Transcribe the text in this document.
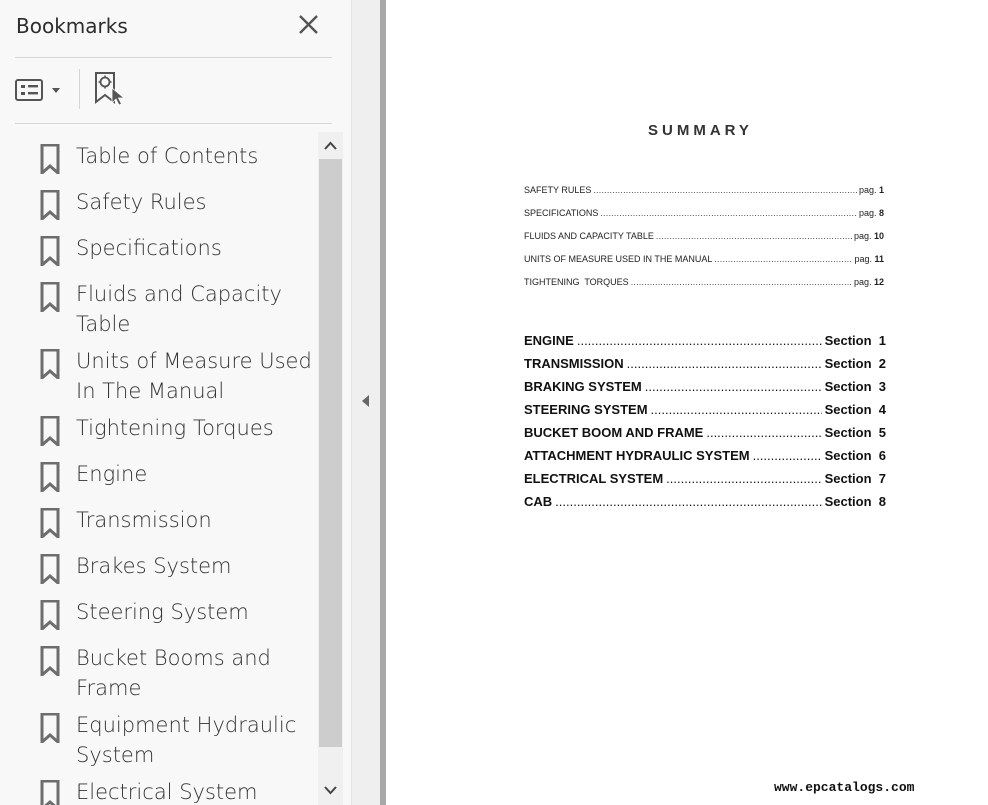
Bookmarks
Table of Contents
Safety Rules
Specifications
Fluids and Capacity Table
Units of Measure Used In The Manual
Tightening Torques
Engine
Transmission
Brakes System
Steering System
Bucket Booms and Frame
Equipment Hydraulic System
Electrical System
SUMMARY
SAFETY RULES .....	pag. 1
SPECIFICATIONS .....	pag. 8
FLUIDS AND CAPACITY TABLE .....	pag. 10
UNITS OF MEASURE USED IN THE MANUAL .....	pag. 11
TIGHTENING  TORQUES .....	pag. 12
ENGINE .....	Section  1
TRANSMISSION .....	Section  2
BRAKING SYSTEM .....	Section  3
STEERING SYSTEM .....	Section  4
BUCKET BOOM AND FRAME .....	Section  5
ATTACHMENT HYDRAULIC SYSTEM .....	Section  6
ELECTRICAL SYSTEM .....	Section  7
CAB .....	Section  8
www.epcatalogs.com
